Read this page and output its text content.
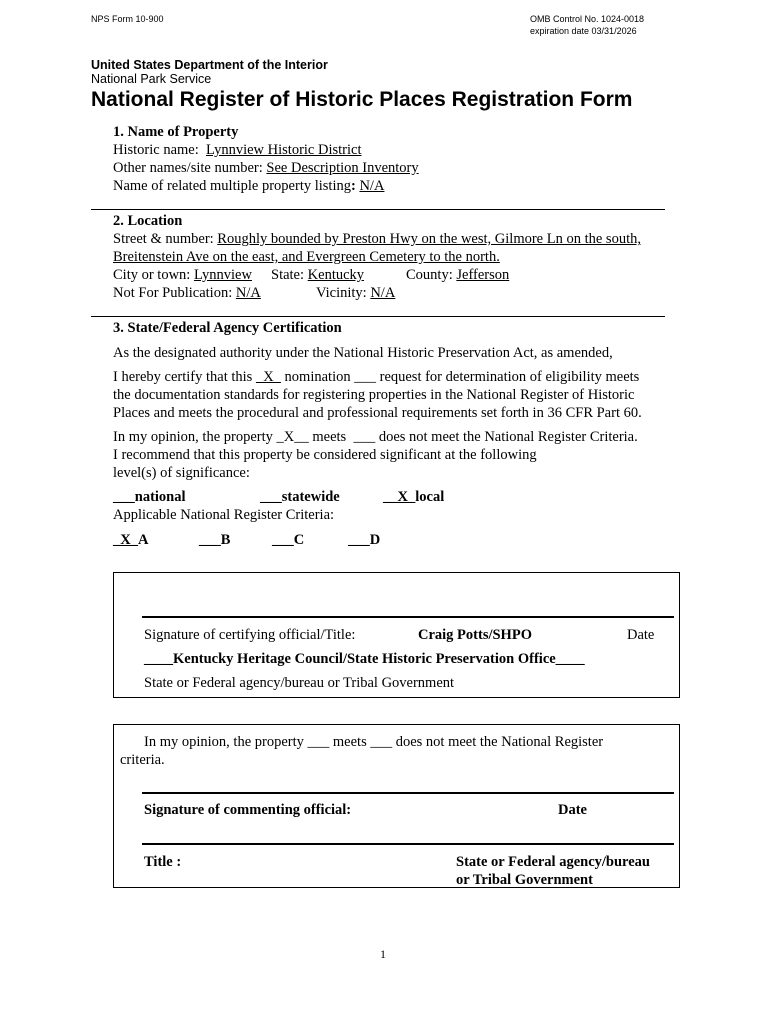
NPS Form 10-900	OMB Control No. 1024-0018
expiration date 03/31/2026
United States Department of the Interior
National Park Service
National Register of Historic Places Registration Form
1. Name of Property
Historic name: Lynnview Historic District
Other names/site number: See Description Inventory
Name of related multiple property listing: N/A
2. Location
Street & number: Roughly bounded by Preston Hwy on the west, Gilmore Ln on the south,
Breitenstein Ave on the east, and Evergreen Cemetery to the north.
City or town: Lynnview State: Kentucky	County: Jefferson
Not For Publication: N/A	Vicinity: N/A
3. State/Federal Agency Certification
As the designated authority under the National Historic Preservation Act, as amended,
I hereby certify that this   X   nomination ___ request for determination of eligibility meets
the documentation standards for registering properties in the National Register of Historic
Places and meets the procedural and professional requirements set forth in 36 CFR Part 60.
In my opinion, the property _X__ meets ___ does not meet the National Register Criteria.
I recommend that this property be considered significant at the following
level(s) of significance:
___national	___statewide	__X_local
Applicable National Register Criteria:
_X_A	___B	___C	___D
Signature of certifying official/Title:	Craig Potts/SHPO	Date
____Kentucky Heritage Council/State Historic Preservation Office____
State or Federal agency/bureau or Tribal Government
In my opinion, the property ___ meets ___ does not meet the National Register
criteria.
Signature of commenting official:	Date
Title :	State or Federal agency/bureau
or Tribal Government
1
